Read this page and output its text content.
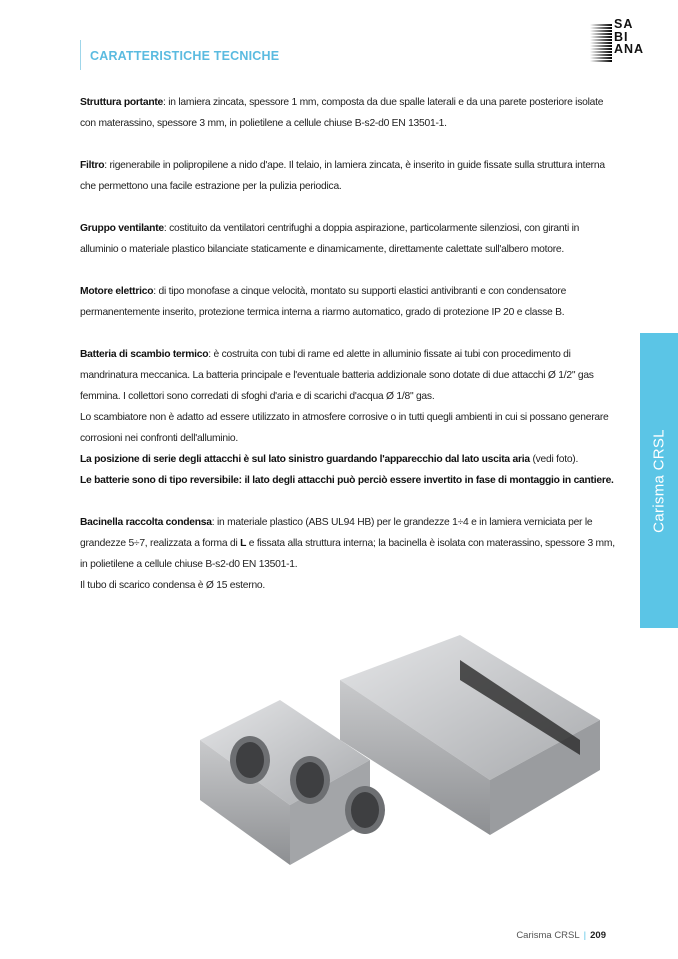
CARATTERISTICHE TECNICHE
SA
BI
ANA

Struttura portante: in lamiera zincata, spessore 1 mm, composta da due spalle laterali e da una parete posteriore isolate con materassino, spessore 3 mm, in polietilene a cellule chiuse B-s2-d0 EN 13501-1.

Filtro: rigenerabile in polipropilene a nido d'ape. Il telaio, in lamiera zincata, è inserito in guide fissate sulla struttura interna che permettono una facile estrazione per la pulizia periodica.

Gruppo ventilante: costituito da ventilatori centrifughi a doppia aspirazione, particolarmente silenziosi, con giranti in alluminio o materiale plastico bilanciate staticamente e dinamicamente, direttamente calettate sull'albero motore.

Motore elettrico: di tipo monofase a cinque velocità, montato su supporti elastici antivibranti e con condensatore permanentemente inserito, protezione termica interna a riarmo automatico, grado di protezione IP 20 e classe B.

Batteria di scambio termico: è costruita con tubi di rame ed alette in alluminio fissate ai tubi con procedimento di mandrinatura meccanica. La batteria principale e l'eventuale batteria addizionale sono dotate di due attacchi Ø 1/2" gas femmina. I collettori sono corredati di sfoghi d'aria e di scarichi d'acqua Ø 1/8" gas.
Lo scambiatore non è adatto ad essere utilizzato in atmosfere corrosive o in tutti quegli ambienti in cui si possano generare corrosioni nei confronti dell'alluminio.
La posizione di serie degli attacchi è sul lato sinistro guardando l'apparecchio dal lato uscita aria (vedi foto).
Le batterie sono di tipo reversibile: il lato degli attacchi può perciò essere invertito in fase di montaggio in cantiere.

Bacinella raccolta condensa: in materiale plastico (ABS UL94 HB) per le grandezze 1÷4 e in lamiera verniciata per le grandezze 5÷7, realizzata a forma di L e fissata alla struttura interna; la bacinella è isolata con materassino, spessore 3 mm, in polietilene a cellule chiuse B-s2-d0 EN 13501-1.
Il tubo di scarico condensa è Ø 15 esterno.

Carisma CRSL
Carisma CRSL | 209
